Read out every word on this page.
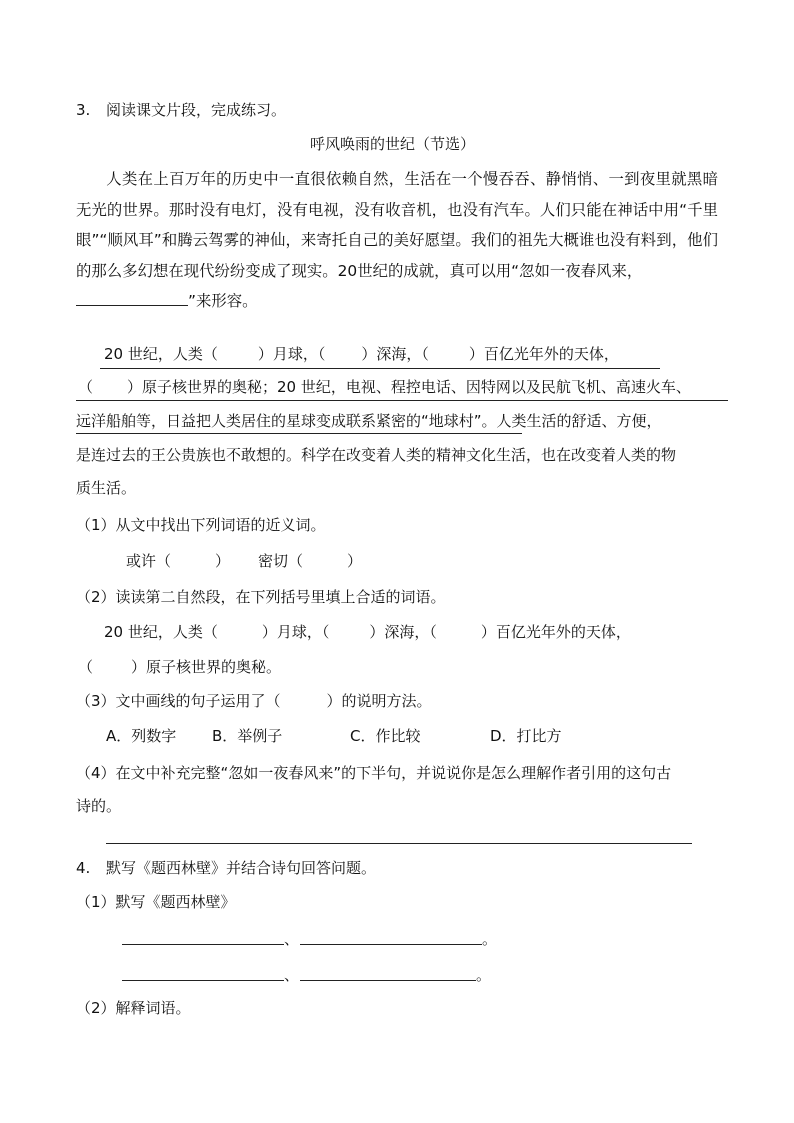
3. 阅读课文片段，完成练习。
呼风唤雨的世纪（节选）
人类在上百万年的历史中一直很依赖自然，生活在一个慢吞吞、静悄悄、一到夜里就黑暗无光的世界。那时没有电灯，没有电视，没有收音机，也没有汽车。人们只能在神话中用“千里眼”“顺风耳”和腾云驾雾的神仙，来寄托自己的美好愿望。我们的祖先大概谁也没有料到，他们的那么多幻想在现代纷纷变成了现实。20世纪的成就，真可以用“忽如一夜春风来，
”来形容。
20 世纪，人类（	）月球，（ ）深海，（	）百亿光年外的天体，
（ ）原子核世界的奥秘；20 世纪，电视、程控电话、因特网以及民航飞机、高速火车、
远洋船舶等，日益把人类居住的星球变成联系紧密的“地球村”。人类生活的舒适、方便，
是连过去的王公贵族也不敢想的。科学在改变着人类的精神文化生活，也在改变着人类的物
质生活。
（1）从文中找出下列词语的近义词。
或许（	） 密切（	）
（2）读读第二自然段，在下列括号里填上合适的词语。
20 世纪，人类（	）月球，（	）深海，（	）百亿光年外的天体，
（	）原子核世界的奥秘。
（3）文中画线的句子运用了（	）的说明方法。
A．列数字 B．举例子	C．作比较	D．打比方
（4）在文中补充完整“忽如一夜春风来”的下半句，并说说你是怎么理解作者引用的这句古
诗的。
4. 默写《题西林壁》并结合诗句回答问题。
（1）默写《题西林壁》
、	。
、	。
（2）解释词语。
